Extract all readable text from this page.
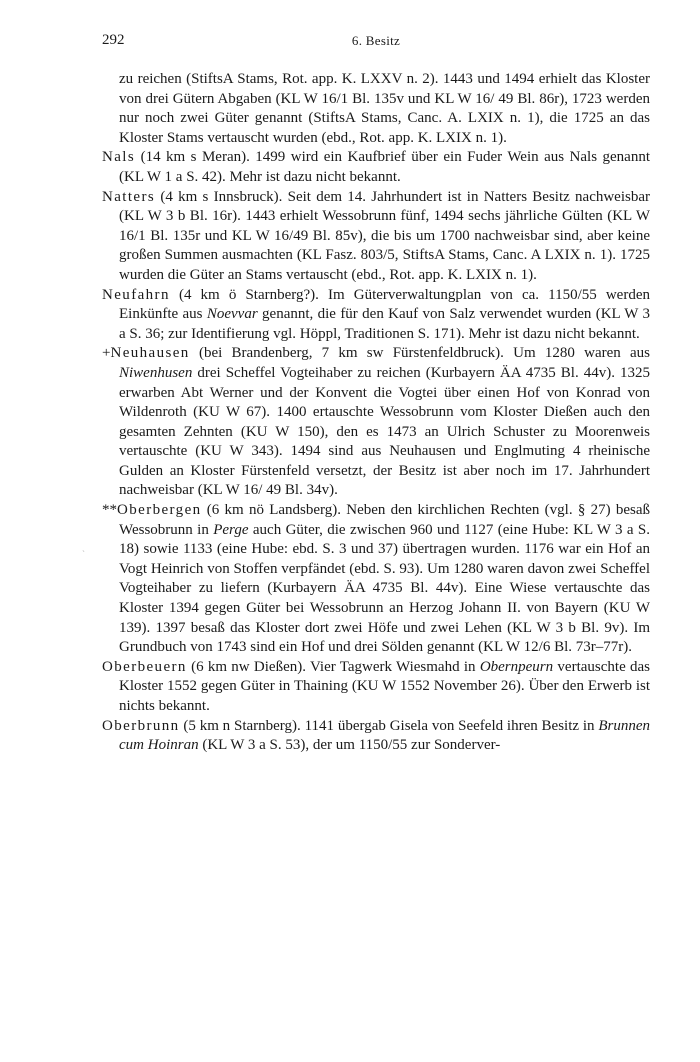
292	6. Besitz

zu reichen (StiftsA Stams, Rot. app. K. LXXV n. 2). 1443 und 1494 erhielt das Kloster von drei Gütern Abgaben (KL W 16/1 Bl. 135v und KL W 16/ 49 Bl. 86r), 1723 werden nur noch zwei Güter genannt (StiftsA Stams, Canc. A. LXIX n. 1), die 1725 an das Kloster Stams vertauscht wurden (ebd., Rot. app. K. LXIX n. 1).

Nals (14 km s Meran). 1499 wird ein Kaufbrief über ein Fuder Wein aus Nals genannt (KL W 1 a S. 42). Mehr ist dazu nicht bekannt.

Natters (4 km s Innsbruck). Seit dem 14. Jahrhundert ist in Natters Besitz nachweisbar (KL W 3 b Bl. 16r). 1443 erhielt Wessobrunn fünf, 1494 sechs jährliche Gülten (KL W 16/1 Bl. 135r und KL W 16/49 Bl. 85v), die bis um 1700 nachweisbar sind, aber keine großen Summen ausmachten (KL Fasz. 803/5, StiftsA Stams, Canc. A LXIX n. 1). 1725 wurden die Güter an Stams vertauscht (ebd., Rot. app. K. LXIX n. 1).

Neufahrn (4 km ö Starnberg?). Im Güterverwaltungplan von ca. 1150/55 werden Einkünfte aus Noevvar genannt, die für den Kauf von Salz verwendet wurden (KL W 3 a S. 36; zur Identifierung vgl. Höppl, Traditionen S. 171). Mehr ist dazu nicht bekannt.

+Neuhausen (bei Brandenberg, 7 km sw Fürstenfeldbruck). Um 1280 waren aus Niwenhusen drei Scheffel Vogteihaber zu reichen (Kurbayern ÄA 4735 Bl. 44v). 1325 erwarben Abt Werner und der Konvent die Vogtei über einen Hof von Konrad von Wildenroth (KU W 67). 1400 ertauschte Wessobrunn vom Kloster Dießen auch den gesamten Zehnten (KU W 150), den es 1473 an Ulrich Schuster zu Moorenweis vertauschte (KU W 343). 1494 sind aus Neuhausen und Englmuting 4 rheinische Gulden an Kloster Fürstenfeld versetzt, der Besitz ist aber noch im 17. Jahrhundert nachweisbar (KL W 16/ 49 Bl. 34v).

**Oberbergen (6 km nö Landsberg). Neben den kirchlichen Rechten (vgl. § 27) besaß Wessobrunn in Perge auch Güter, die zwischen 960 und 1127 (eine Hube: KL W 3 a S. 18) sowie 1133 (eine Hube: ebd. S. 3 und 37) übertragen wurden. 1176 war ein Hof an Vogt Heinrich von Stoffen verpfändet (ebd. S. 93). Um 1280 waren davon zwei Scheffel Vogteihaber zu liefern (Kurbayern ÄA 4735 Bl. 44v). Eine Wiese vertauschte das Kloster 1394 gegen Güter bei Wessobrunn an Herzog Johann II. von Bayern (KU W 139). 1397 besaß das Kloster dort zwei Höfe und zwei Lehen (KL W 3 b Bl. 9v). Im Grundbuch von 1743 sind ein Hof und drei Sölden genannt (KL W 12/6 Bl. 73r–77r).

Oberbeuern (6 km nw Dießen). Vier Tagwerk Wiesmahd in Obernpeurn vertauschte das Kloster 1552 gegen Güter in Thaining (KU W 1552 November 26). Über den Erwerb ist nichts bekannt.

Oberbrunn (5 km n Starnberg). 1141 übergab Gisela von Seefeld ihren Besitz in Brunnen cum Hoinran (KL W 3 a S. 53), der um 1150/55 zur Sonderver-

ˋ
